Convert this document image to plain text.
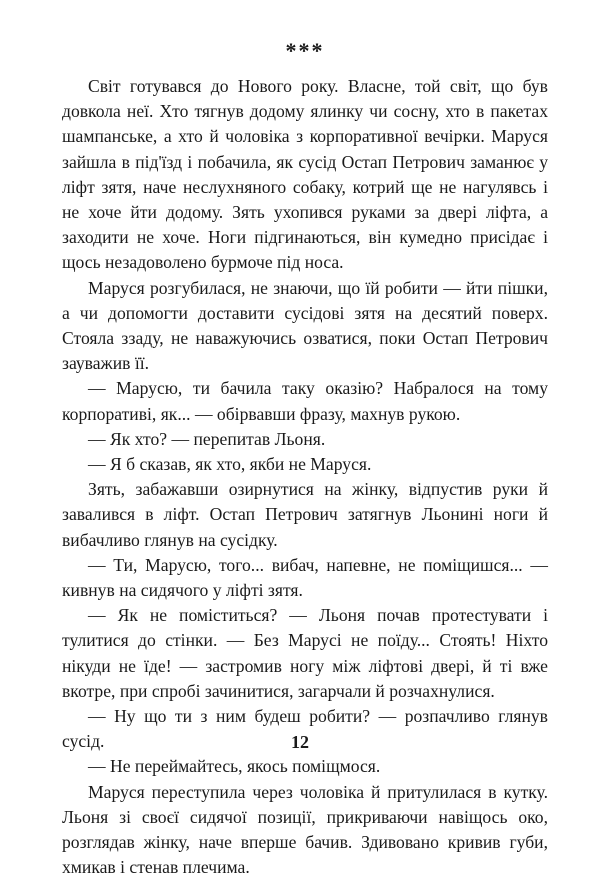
***

Світ готувався до Нового року. Власне, той світ, що був довкола неї. Хто тягнув додому ялинку чи сосну, хто в пакетах шампанське, а хто й чоловіка з корпоративної вечірки. Маруся зайшла в під'їзд і побачила, як сусід Остап Петрович заманює у ліфт зятя, наче неслухняного собаку, котрий ще не нагулявсь і не хоче йти додому. Зять ухопився руками за двері ліфта, а заходити не хоче. Ноги підгинаються, він кумедно присідає і щось незадоволено бурмоче під носа.

Маруся розгубилася, не знаючи, що їй робити — йти пішки, а чи допомогти доставити сусідові зятя на десятий поверх. Стояла ззаду, не наважуючись озватися, поки Остап Петрович зауважив її.

— Марусю, ти бачила таку оказію? Набралося на тому корпоративі, як... — обірвавши фразу, махнув рукою.

— Як хто? — перепитав Льоня.

— Я б сказав, як хто, якби не Маруся.

Зять, забажавши озирнутися на жінку, відпустив руки й завалився в ліфт. Остап Петрович затягнув Льонині ноги й вибачливо глянув на сусідку.

— Ти, Марусю, того... вибач, напевне, не поміщишся... — кивнув на сидячого у ліфті зятя.

— Як не поміститься? — Льоня почав протестувати і тулитися до стінки. — Без Марусі не поїду... Стоять! Ніхто нікуди не їде! — застромив ногу між ліфтові двері, й ті вже вкотре, при спробі зачинитися, загарчали й розчахнулися.

— Ну що ти з ним будеш робити? — розпачливо глянув сусід.

— Не переймайтесь, якось поміщмося.

Маруся переступила через чоловіка й притулилася в кутку. Льоня зі своєї сидячої позиції, прикриваючи навіщось око, розглядав жінку, наче вперше бачив. Здивовано кривив губи, хмикав і стенав плечима.

12
